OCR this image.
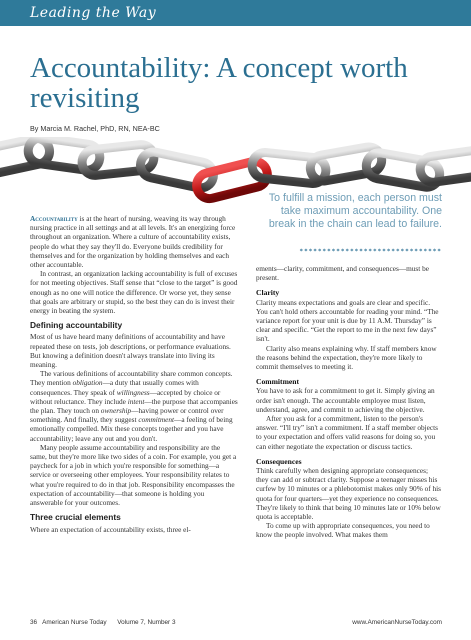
Leading the Way
Accountability: A concept worth revisiting
By Marcia M. Rachel, PhD, RN, NEA-BC
To fulfill a mission, each person must take maximum accountability. One break in the chain can lead to failure.

Accountability is at the heart of nursing, weaving its way through nursing practice in all settings and at all levels. It's an energizing force throughout an organization. Where a culture of accountability exists, people do what they say they'll do. Everyone builds credibility for themselves and for the organization by holding themselves and each other accountable.

In contrast, an organization lacking accountability is full of excuses for not meeting objectives. Staff sense that “close to the target” is good enough as no one will notice the difference. Or worse yet, they sense that goals are arbitrary or stupid, so the best they can do is invest their energy in beating the system.

Defining accountability

Most of us have heard many definitions of accountability and have repeated these on tests, job descriptions, or performance evaluations. But knowing a definition doesn't always translate into living its meaning.

The various definitions of accountability share common concepts. They mention obligation—a duty that usually comes with consequences. They speak of willingness—accepted by choice or without reluctance. They include intent—the purpose that accompanies the plan. They touch on ownership—having power or control over something. And finally, they suggest commitment—a feeling of being emotionally compelled. Mix these concepts together and you have accountability; leave any out and you don't.

Many people assume accountability and responsibility are the same, but they're more like two sides of a coin. For example, you get a paycheck for a job in which you're responsible for something—a service or overseeing other employees. Your responsibility relates to what you're required to do in that job. Responsibility encompasses the expectation of accountability—that someone is holding you answerable for your outcomes.

Three crucial elements

Where an expectation of accountability exists, three el-

ements—clarity, commitment, and consequences—must be present.

Clarity

Clarity means expectations and goals are clear and specific. You can't hold others accountable for reading your mind. “The variance report for your unit is due by 11 A.M. Thursday” is clear and specific. “Get the report to me in the next few days” isn't.

Clarity also means explaining why. If staff members know the reasons behind the expectation, they're more likely to commit themselves to meeting it.

Commitment

You have to ask for a commitment to get it. Simply giving an order isn't enough. The accountable employee must listen, understand, agree, and commit to achieving the objective.

After you ask for a commitment, listen to the person's answer. “I'll try” isn't a commitment. If a staff member objects to your expectation and offers valid reasons for doing so, you can either negotiate the expectation or discuss tactics.

Consequences

Think carefully when designing appropriate consequences; they can add or subtract clarity. Suppose a teenager misses his curfew by 10 minutes or a phlebotomist makes only 90% of his quota for four quarters—yet they experience no consequences. They're likely to think that being 10 minutes late or 10% below quota is acceptable.

To come up with appropriate consequences, you need to know the people involved. What makes them

36   American Nurse Today      Volume 7, Number 3	www.AmericanNurseToday.com
